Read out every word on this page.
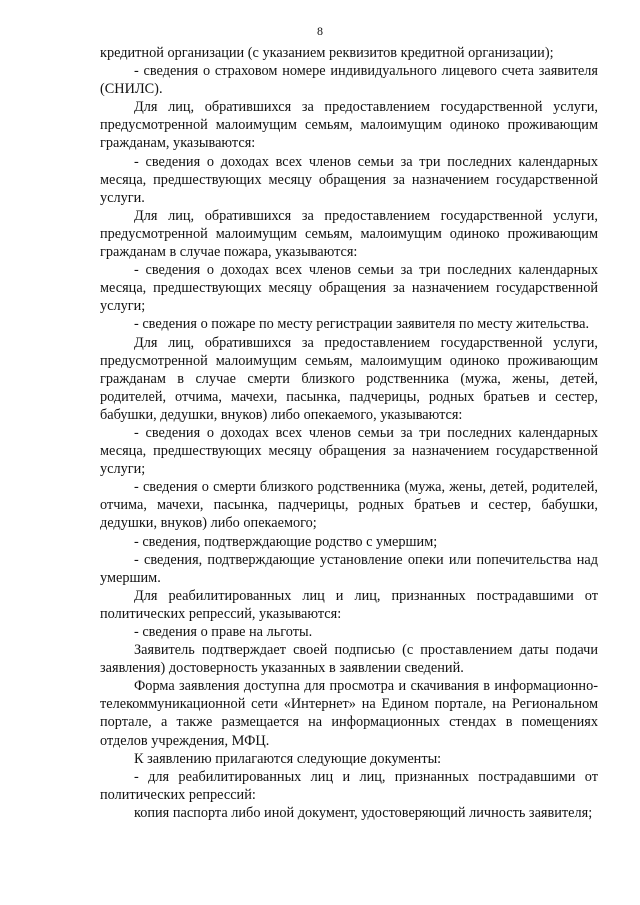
8

кредитной организации (с указанием реквизитов кредитной организации);

- сведения о страховом номере индивидуального лицевого счета заявителя (СНИЛС).

Для лиц, обратившихся за предоставлением государственной услуги, предусмотренной малоимущим семьям, малоимущим одиноко проживающим гражданам, указываются:

- сведения о доходах всех членов семьи за три последних календарных месяца, предшествующих месяцу обращения за назначением государственной услуги.

Для лиц, обратившихся за предоставлением государственной услуги, предусмотренной малоимущим семьям, малоимущим одиноко проживающим гражданам в случае пожара, указываются:

- сведения о доходах всех членов семьи за три последних календарных месяца, предшествующих месяцу обращения за назначением государственной услуги;

- сведения о пожаре по месту регистрации заявителя по месту жительства.

Для лиц, обратившихся за предоставлением государственной услуги, предусмотренной малоимущим семьям, малоимущим одиноко проживающим гражданам в случае смерти близкого родственника (мужа, жены, детей, родителей, отчима, мачехи, пасынка, падчерицы, родных братьев и сестер, бабушки, дедушки, внуков) либо опекаемого, указываются:

- сведения о доходах всех членов семьи за три последних календарных месяца, предшествующих месяцу обращения за назначением государственной услуги;

- сведения о смерти близкого родственника (мужа, жены, детей, родителей, отчима, мачехи, пасынка, падчерицы, родных братьев и сестер, бабушки, дедушки, внуков) либо опекаемого;

- сведения, подтверждающие родство с умершим;

- сведения, подтверждающие установление опеки или попечительства над умершим.

Для реабилитированных лиц и лиц, признанных пострадавшими от политических репрессий, указываются:

- сведения о праве на льготы.

Заявитель подтверждает своей подписью (с проставлением даты подачи заявления) достоверность указанных в заявлении сведений.

Форма заявления доступна для просмотра и скачивания в информационно-телекоммуникационной сети «Интернет» на Едином портале, на Региональном портале, а также размещается на информационных стендах в помещениях отделов учреждения, МФЦ.

К заявлению прилагаются следующие документы:

- для реабилитированных лиц и лиц, признанных пострадавшими от политических репрессий:

копия паспорта либо иной документ, удостоверяющий личность заявителя;
